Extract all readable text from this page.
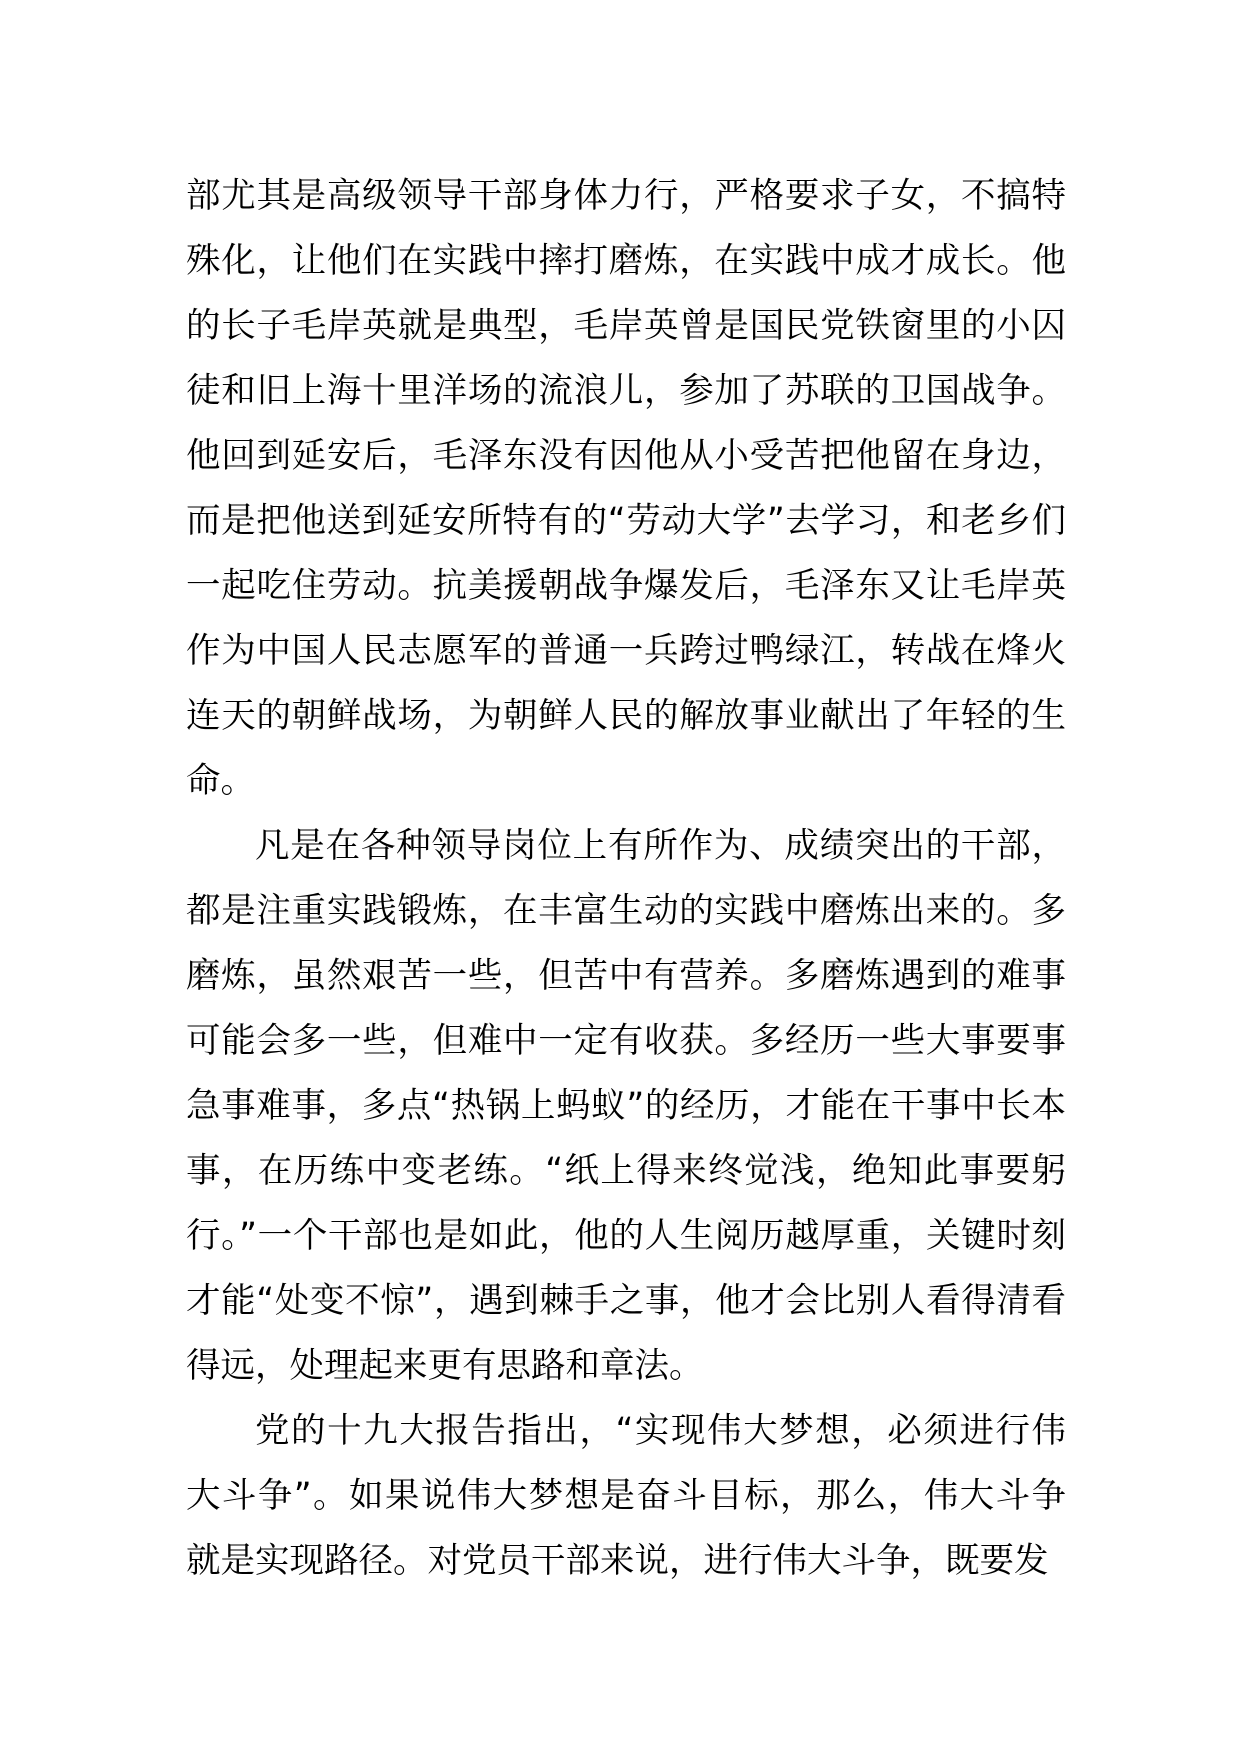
部尤其是高级领导干部身体力行，严格要求子女，不搞特殊化，让他们在实践中摔打磨炼，在实践中成才成长。他的长子毛岸英就是典型，毛岸英曾是国民党铁窗里的小囚徒和旧上海十里洋场的流浪儿，参加了苏联的卫国战争。他回到延安后，毛泽东没有因他从小受苦把他留在身边，而是把他送到延安所特有的“劳动大学”去学习，和老乡们一起吃住劳动。抗美援朝战争爆发后，毛泽东又让毛岸英作为中国人民志愿军的普通一兵跨过鸭绿江，转战在烽火连天的朝鲜战场，为朝鲜人民的解放事业献出了年轻的生命。

凡是在各种领导岗位上有所作为、成绩突出的干部，都是注重实践锻炼，在丰富生动的实践中磨炼出来的。多磨炼，虽然艰苦一些，但苦中有营养。多磨炼遇到的难事可能会多一些，但难中一定有收获。多经历一些大事要事急事难事，多点“热锅上蚂蚁”的经历，才能在干事中长本事，在历练中变老练。“纸上得来终觉浅，绝知此事要躬行。”一个干部也是如此，他的人生阅历越厚重，关键时刻才能“处变不惊”，遇到棘手之事，他才会比别人看得清看得远，处理起来更有思路和章法。

党的十九大报告指出，“实现伟大梦想，必须进行伟大斗争”。如果说伟大梦想是奋斗目标，那么，伟大斗争就是实现路径。对党员干部来说，进行伟大斗争，既要发
